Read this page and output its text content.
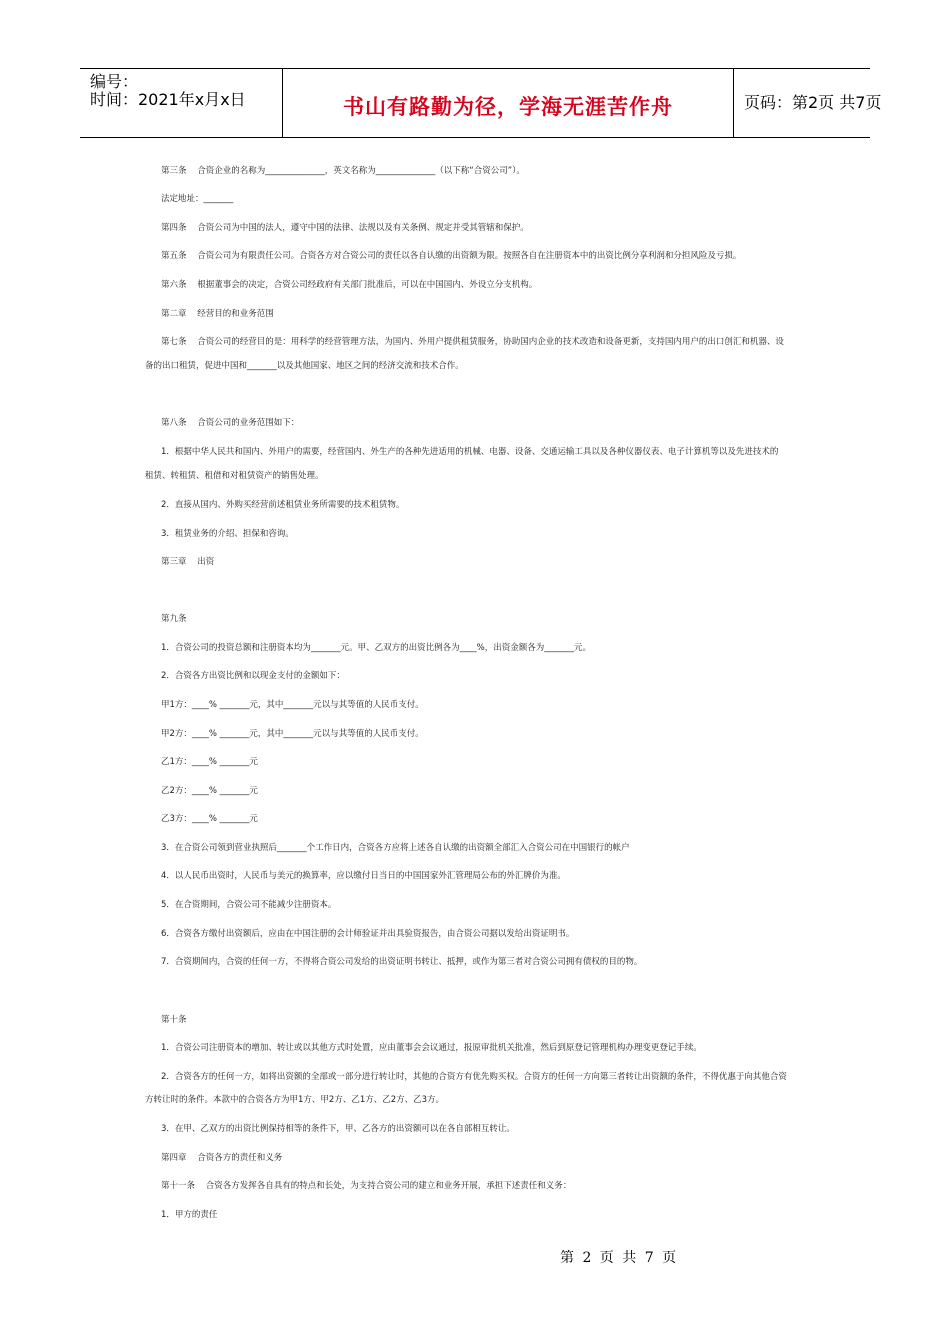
编号：
时间：2021年x月x日	书山有路勤为径，学海无涯苦作舟	页码：第2页 共7页
第三条    合资企业的名称为______________，英文名称为______________（以下称“合资公司”）。
法定地址：_______
第四条    合资公司为中国的法人，遵守中国的法律、法规以及有关条例、规定并受其管辖和保护。
第五条    合资公司为有限责任公司。合资各方对合资公司的责任以各自认缴的出资额为限。按照各自在注册资本中的出资比例分享利润和分担风险及亏损。
第六条    根据董事会的决定，合资公司经政府有关部门批准后，可以在中国国内、外设立分支机构。
第二章    经营目的和业务范围
第七条    合资公司的经营目的是：用科学的经营管理方法，为国内、外用户提供租赁服务，协助国内企业的技术改造和设备更新，支持国内用户的出口创汇和机器、设
备的出口租赁，促进中国和_______以及其他国家、地区之间的经济交流和技术合作。
第八条    合资公司的业务范围如下：
1．根据中华人民共和国内、外用户的需要，经营国内、外生产的各种先进适用的机械、电器、设备、交通运输工具以及各种仪器仪表、电子计算机等以及先进技术的
租赁、转租赁、租借和对租赁资产的销售处理。
2．直接从国内、外购买经营前述租赁业务所需要的技术租赁物。
3．租赁业务的介绍、担保和咨询。
第三章    出资
第九条
1．合资公司的投资总额和注册资本均为_______元。甲、乙双方的出资比例各为____%，出资金额各为_______元。
2．合资各方出资比例和以现金支付的金额如下：
甲1方：____% _______元，其中_______元以与其等值的人民币支付。
甲2方：____% _______元，其中_______元以与其等值的人民币支付。
乙1方：____% _______元
乙2方：____% _______元
乙3方：____% _______元
3．在合资公司领到营业执照后_______个工作日内，合资各方应将上述各自认缴的出资额全部汇入合资公司在中国银行的帐户
4．以人民币出资时，人民币与美元的换算率，应以缴付日当日的中国国家外汇管理局公布的外汇牌价为准。
5．在合资期间，合资公司不能减少注册资本。
6．合资各方缴付出资额后，应由在中国注册的会计师验证并出具验资报告，由合资公司据以发给出资证明书。
7．合资期间内，合资的任何一方，不得将合资公司发给的出资证明书转让、抵押，或作为第三者对合资公司拥有债权的目的物。
第十条
1．合资公司注册资本的增加、转让或以其他方式时处置，应由董事会会议通过，报原审批机关批准，然后到原登记管理机构办理变更登记手续。
2．合资各方的任何一方，如将出资额的全部或一部分进行转让时，其他的合资方有优先购买权。合资方的任何一方向第三者转让出资额的条件，不得优惠于向其他合资
方转让时的条件。本款中的合资各方为甲1方、甲2方、乙1方、乙2方、乙3方。
3．在甲、乙双方的出资比例保持相等的条件下，甲、乙各方的出资额可以在各自部相互转让。
第四章    合资各方的责任和义务
第十一条    合资各方发挥各自具有的特点和长处，为支持合资公司的建立和业务开展，承担下述责任和义务：
1．甲方的责任
第 2 页 共 7 页
